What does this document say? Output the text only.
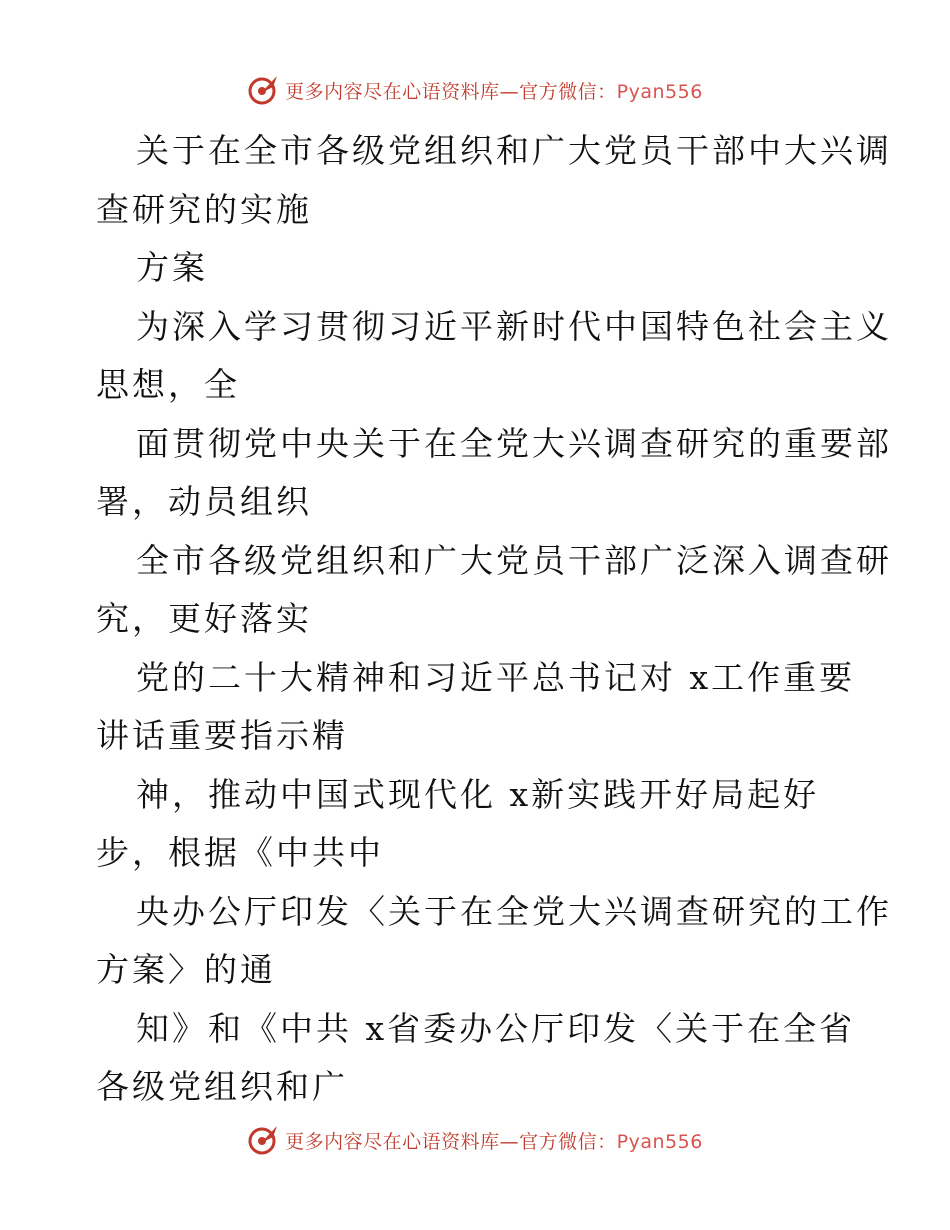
更多内容尽在心语资料库—官方微信：Pyan556
关于在全市各级党组织和广大党员干部中大兴调
查研究的实施
方案
为深入学习贯彻习近平新时代中国特色社会主义
思想，全
面贯彻党中央关于在全党大兴调查研究的重要部
署，动员组织
全市各级党组织和广大党员干部广泛深入调查研
究，更好落实
党的二十大精神和习近平总书记对 x工作重要
讲话重要指示精
神，推动中国式现代化 x新实践开好局起好
步，根据《中共中
央办公厅印发〈关于在全党大兴调查研究的工作
方案〉的通
知》和《中共 x省委办公厅印发〈关于在全省
各级党组织和广
更多内容尽在心语资料库—官方微信：Pyan556
